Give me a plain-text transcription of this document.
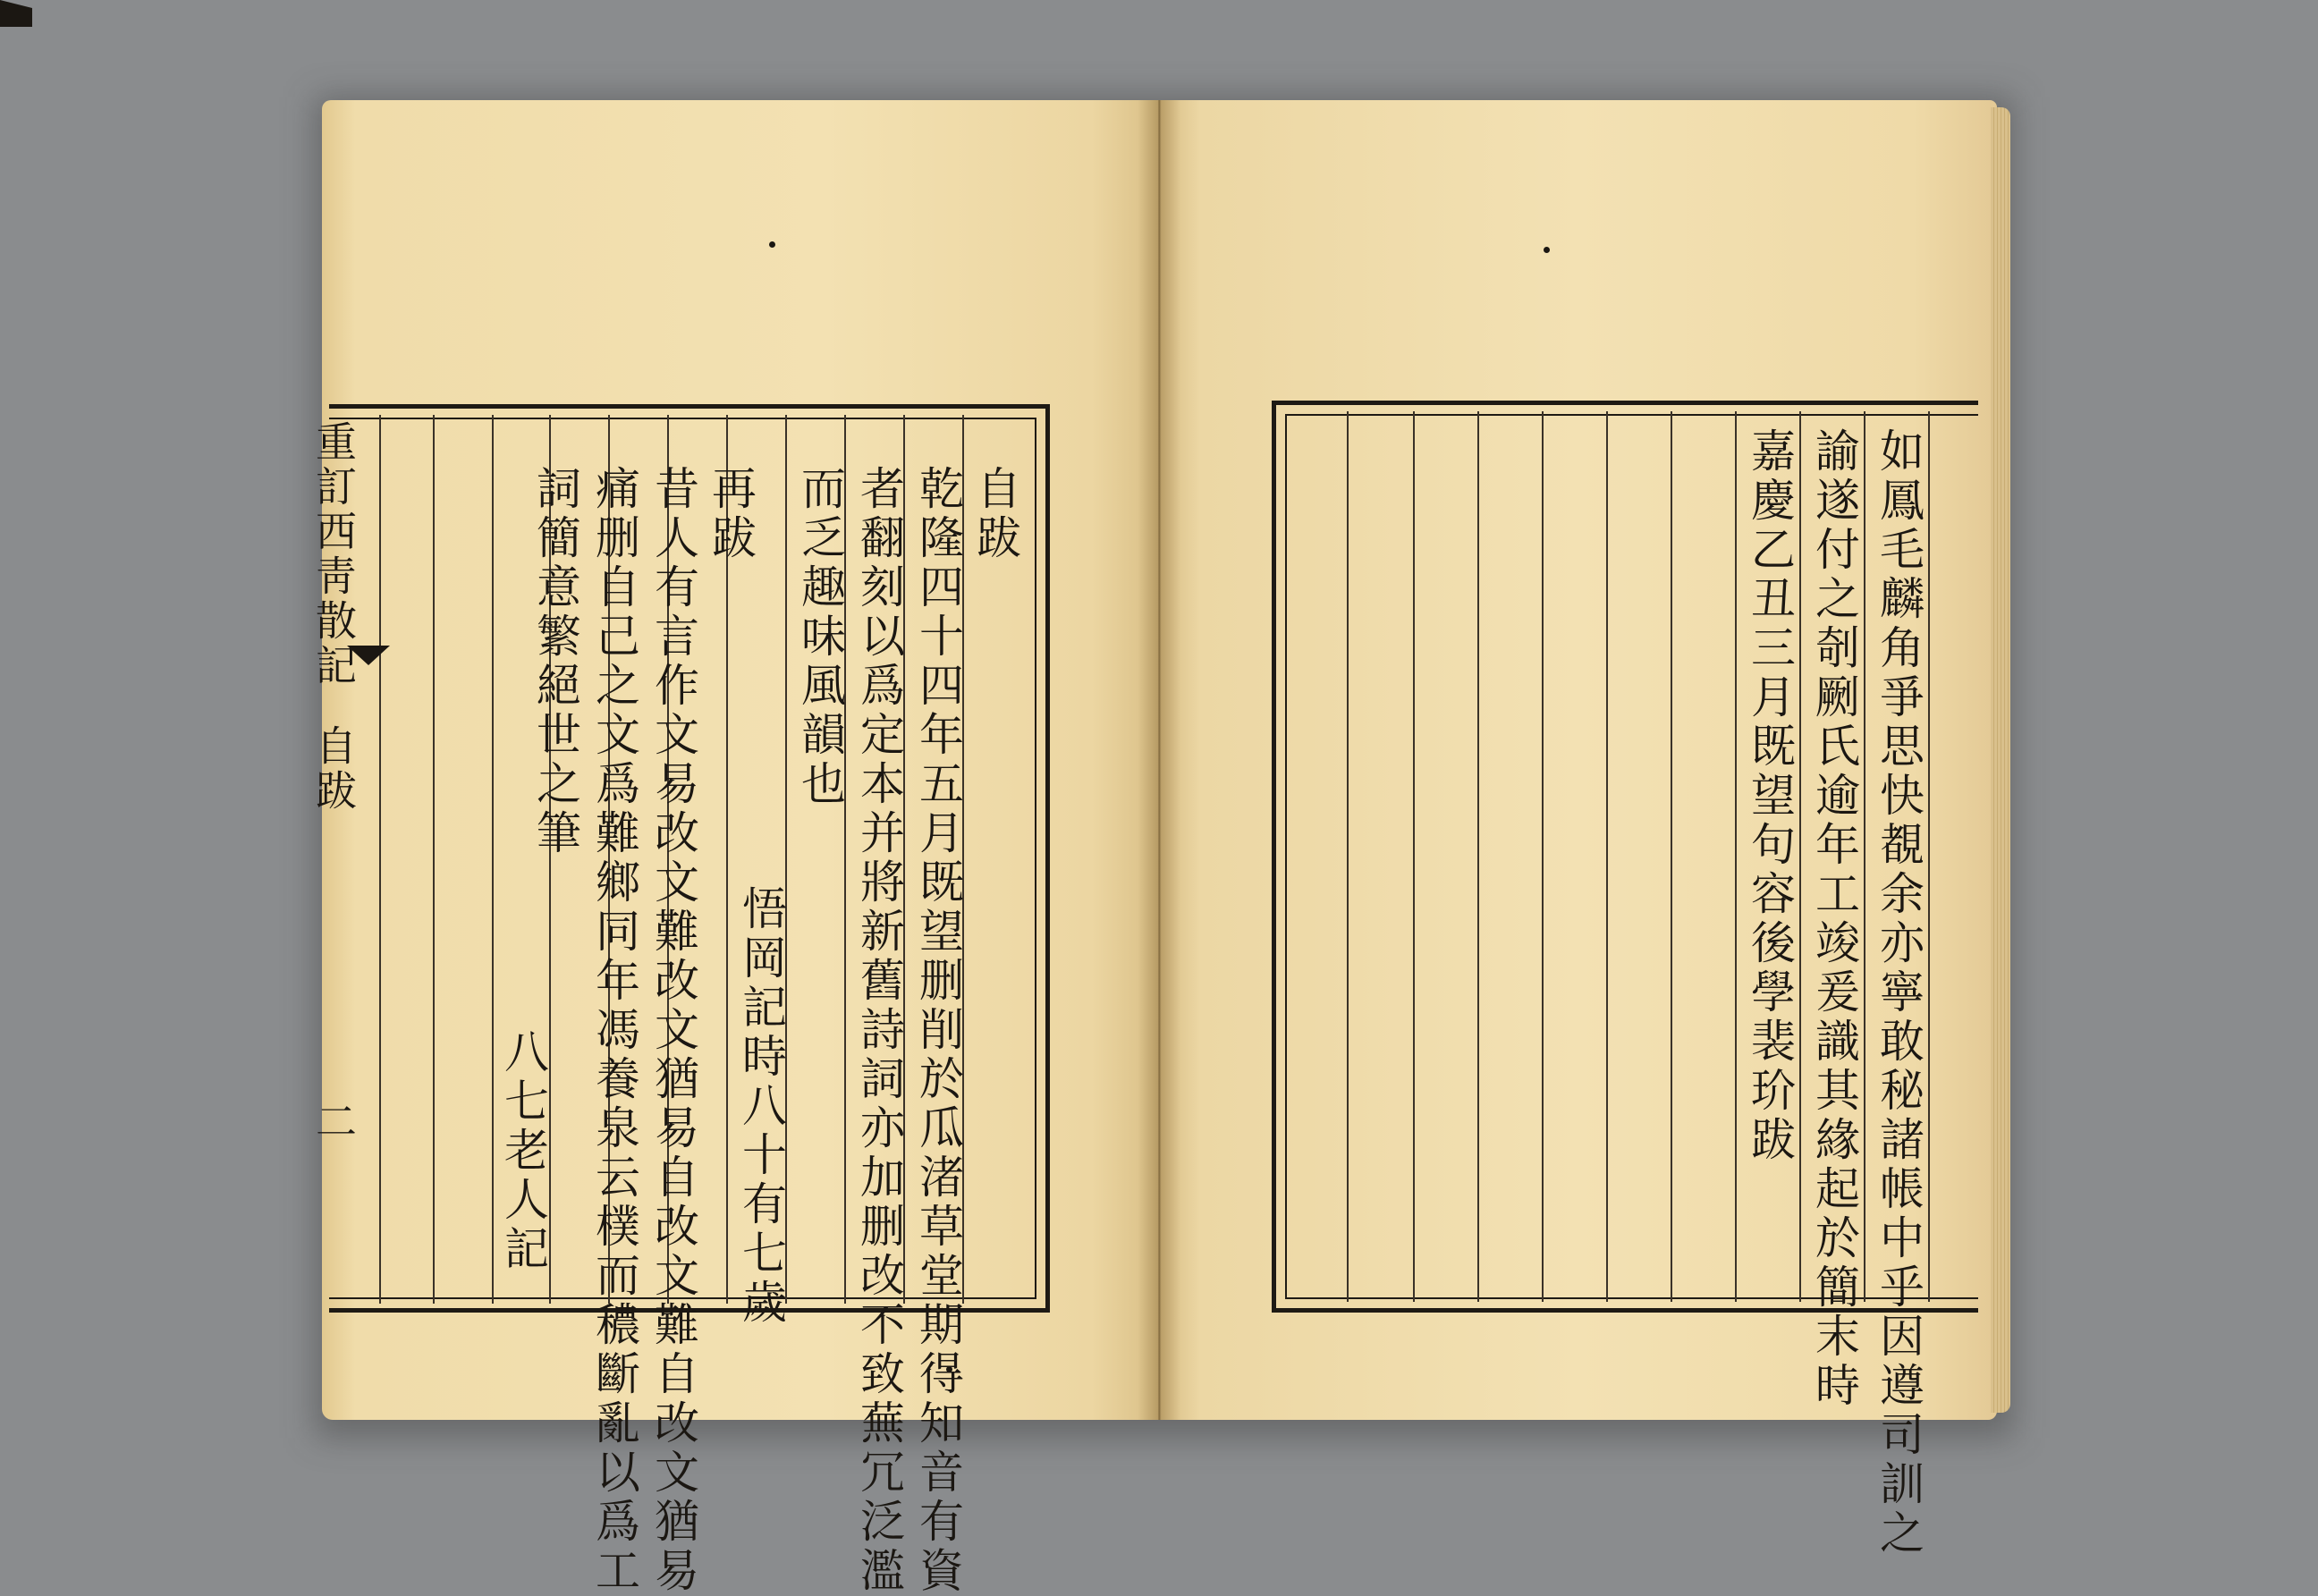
自跋
乾隆四十四年五月既望删削於瓜渚草堂期得知音有資
者翻刻以爲定本并將新舊詩詞亦加删改不致蕪冗泛濫
而乏趣味風韻也
悟岡記時八十有七歲
再跋
昔人有言作文易改文難改文猶易自改文難自改文猶易
痛删自己之文爲難鄉同年馮養泉云樸而穠斷亂以爲工
詞簡意繁絕世之筆
八七老人記
重訂西靑散記
自跋
二	如鳳毛麟角爭思快覩余亦寧敢秘諸帳中乎因遵司訓之
諭遂付之剞劂氏逾年工竣爰識其緣起於簡末時
嘉慶乙丑三月既望句容後學裴玠跋
